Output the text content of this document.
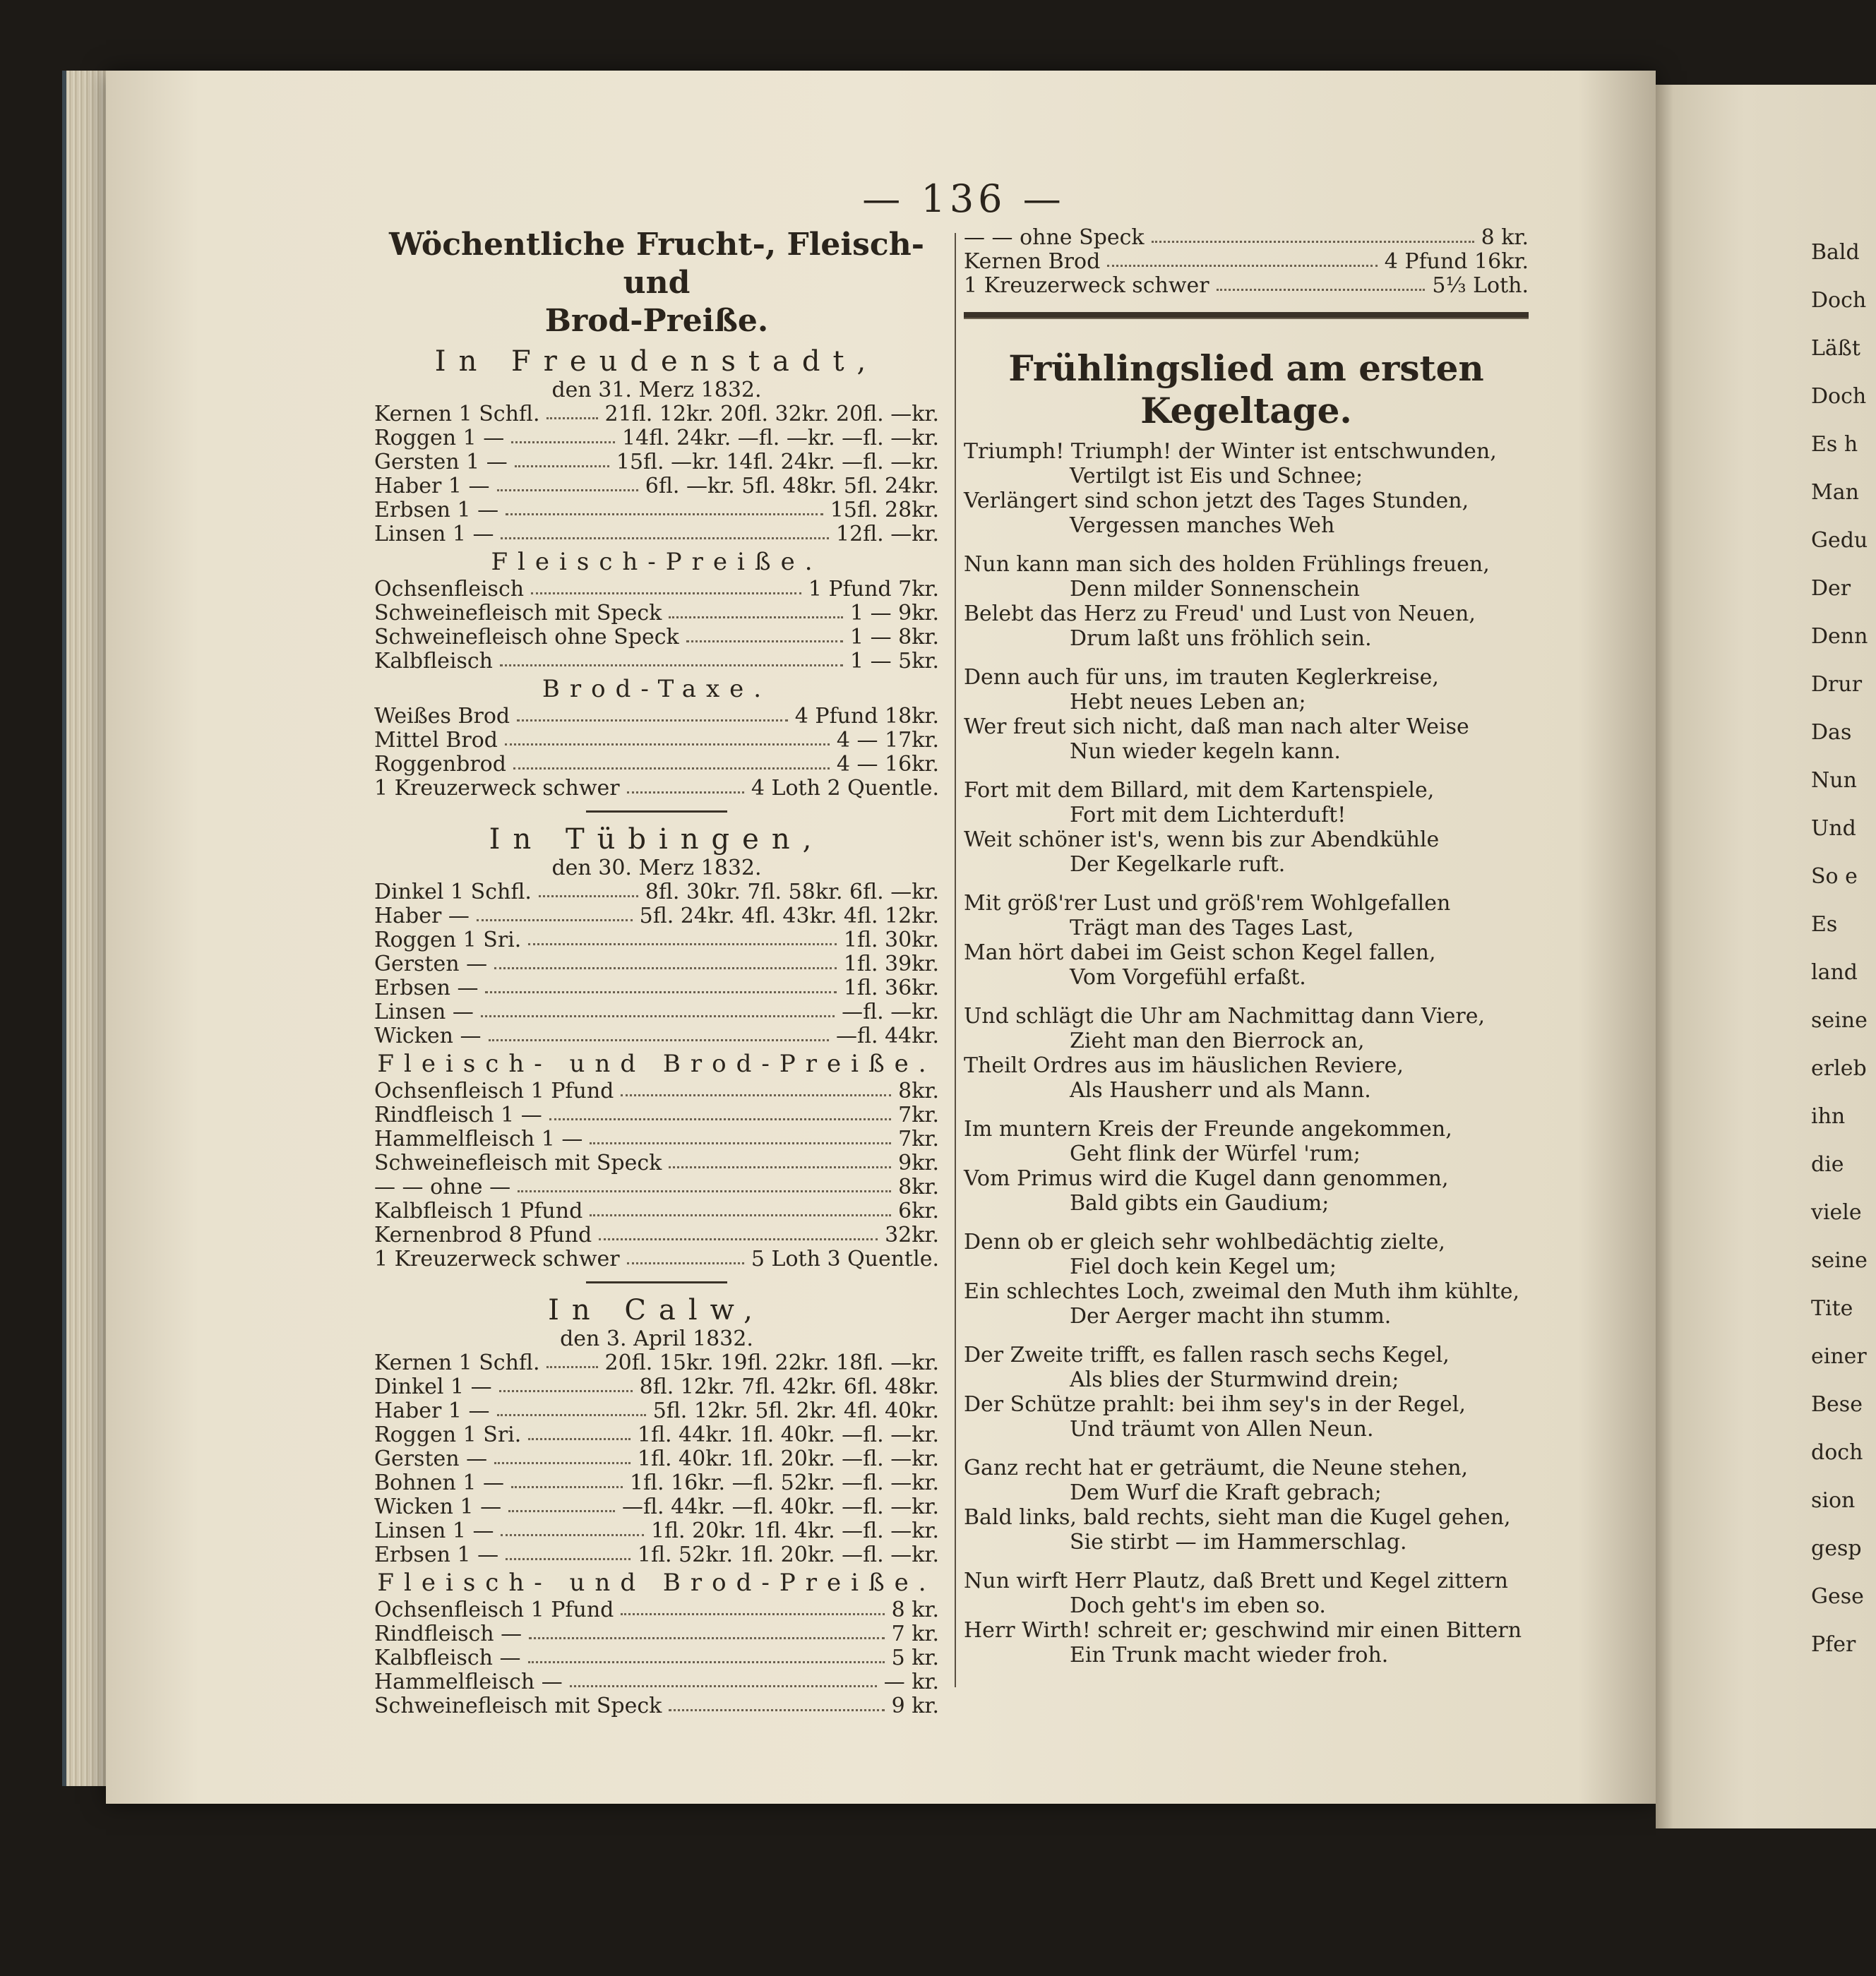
— 136 —
Wöchentliche Frucht-, Fleisch- und
Brod-Preiße.
In Freudenstadt,
den 31. Merz 1832.
Kernen 1 Schfl.	21fl. 12kr. 20fl. 32kr. 20fl. —kr.
Roggen 1 —	14fl. 24kr. —fl. —kr. —fl. —kr.
Gersten 1 —	15fl. —kr. 14fl. 24kr. —fl. —kr.
Haber 1 —	6fl. —kr. 5fl. 48kr. 5fl. 24kr.
Erbsen 1 —	15fl. 28kr.
Linsen 1 —	12fl. —kr.
Fleisch-Preiße.
Ochsenfleisch	1 Pfund 7kr.
Schweinefleisch mit Speck	1 — 9kr.
Schweinefleisch ohne Speck	1 — 8kr.
Kalbfleisch	1 — 5kr.
Brod-Taxe.
Weißes Brod	4 Pfund 18kr.
Mittel Brod	4 — 17kr.
Roggenbrod	4 — 16kr.
1 Kreuzerweck schwer	4 Loth 2 Quentle.
In Tübingen,
den 30. Merz 1832.
Dinkel 1 Schfl.	8fl. 30kr. 7fl. 58kr. 6fl. —kr.
Haber —	5fl. 24kr. 4fl. 43kr. 4fl. 12kr.
Roggen 1 Sri.	1fl. 30kr.
Gersten —	1fl. 39kr.
Erbsen —	1fl. 36kr.
Linsen —	—fl. —kr.
Wicken —	—fl. 44kr.
Fleisch- und Brod-Preiße.
Ochsenfleisch 1 Pfund	8kr.
Rindfleisch 1 —	7kr.
Hammelfleisch 1 —	7kr.
Schweinefleisch mit Speck	9kr.
— — ohne —	8kr.
Kalbfleisch 1 Pfund	6kr.
Kernenbrod 8 Pfund	32kr.
1 Kreuzerweck schwer	5 Loth 3 Quentle.
In Calw,
den 3. April 1832.
Kernen 1 Schfl.	20fl. 15kr. 19fl. 22kr. 18fl. —kr.
Dinkel 1 —	8fl. 12kr. 7fl. 42kr. 6fl. 48kr.
Haber 1 —	5fl. 12kr. 5fl. 2kr. 4fl. 40kr.
Roggen 1 Sri.	1fl. 44kr. 1fl. 40kr. —fl. —kr.
Gersten —	1fl. 40kr. 1fl. 20kr. —fl. —kr.
Bohnen 1 —	1fl. 16kr. —fl. 52kr. —fl. —kr.
Wicken 1 —	—fl. 44kr. —fl. 40kr. —fl. —kr.
Linsen 1 —	1fl. 20kr. 1fl. 4kr. —fl. —kr.
Erbsen 1 —	1fl. 52kr. 1fl. 20kr. —fl. —kr.
Fleisch- und Brod-Preiße.
Ochsenfleisch 1 Pfund	8 kr.
Rindfleisch —	7 kr.
Kalbfleisch —	5 kr.
Hammelfleisch —	— kr.
Schweinefleisch mit Speck	9 kr.
— — ohne Speck	8 kr.
Kernen Brod	4 Pfund 16kr.
1 Kreuzerweck schwer	5⅓ Loth.
Frühlingslied am ersten Kegeltage.
Triumph! Triumph! der Winter ist entschwunden,
Vertilgt ist Eis und Schnee;
Verlängert sind schon jetzt des Tages Stunden,
Vergessen manches Weh
Nun kann man sich des holden Frühlings freuen,
Denn milder Sonnenschein
Belebt das Herz zu Freud' und Lust von Neuen,
Drum laßt uns fröhlich sein.
Denn auch für uns, im trauten Keglerkreise,
Hebt neues Leben an;
Wer freut sich nicht, daß man nach alter Weise
Nun wieder kegeln kann.
Fort mit dem Billard, mit dem Kartenspiele,
Fort mit dem Lichterduft!
Weit schöner ist's, wenn bis zur Abendkühle
Der Kegelkarle ruft.
Mit größ'rer Lust und größ'rem Wohlgefallen
Trägt man des Tages Last,
Man hört dabei im Geist schon Kegel fallen,
Vom Vorgefühl erfaßt.
Und schlägt die Uhr am Nachmittag dann Viere,
Zieht man den Bierrock an,
Theilt Ordres aus im häuslichen Reviere,
Als Hausherr und als Mann.
Im muntern Kreis der Freunde angekommen,
Geht flink der Würfel 'rum;
Vom Primus wird die Kugel dann genommen,
Bald gibts ein Gaudium;
Denn ob er gleich sehr wohlbedächtig zielte,
Fiel doch kein Kegel um;
Ein schlechtes Loch, zweimal den Muth ihm kühlte,
Der Aerger macht ihn stumm.
Der Zweite trifft, es fallen rasch sechs Kegel,
Als blies der Sturmwind drein;
Der Schütze prahlt: bei ihm sey's in der Regel,
Und träumt von Allen Neun.
Ganz recht hat er geträumt, die Neune stehen,
Dem Wurf die Kraft gebrach;
Bald links, bald rechts, sieht man die Kugel gehen,
Sie stirbt — im Hammerschlag.
Nun wirft Herr Plautz, daß Brett und Kegel zittern
Doch geht's im eben so.
Herr Wirth! schreit er; geschwind mir einen Bittern
Ein Trunk macht wieder froh.
Bald
Doch
Läßt
Doch
Es h
Man
Gedu
Der
Denn
Drur
Das
Nun
Und
So e
Es
land
seine
erleb
ihn
die
viele
seine
Tite
einer
Bese
doch
sion
gesp
Gese
Pfer
